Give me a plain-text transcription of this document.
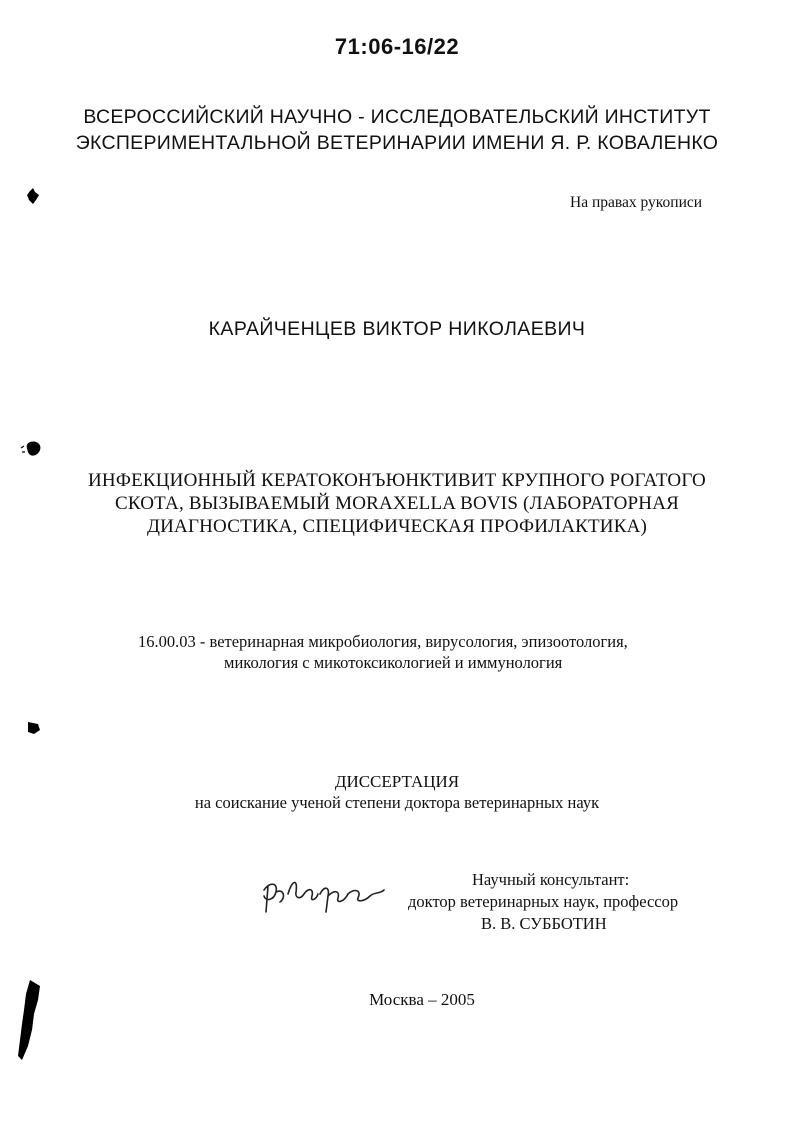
71:06-16/22
ВСЕРОССИЙСКИЙ НАУЧНО - ИССЛЕДОВАТЕЛЬСКИЙ ИНСТИТУТ
ЭКСПЕРИМЕНТАЛЬНОЙ ВЕТЕРИНАРИИ ИМЕНИ Я. Р. КОВАЛЕНКО
На правах рукописи
КАРАЙЧЕНЦЕВ ВИКТОР НИКОЛАЕВИЧ
ИНФЕКЦИОННЫЙ КЕРАТОКОНЪЮНКТИВИТ КРУПНОГО РОГАТОГО
СКОТА, ВЫЗЫВАЕМЫЙ MORAXELLA BOVIS (ЛАБОРАТОРНАЯ
ДИАГНОСТИКА, СПЕЦИФИЧЕСКАЯ ПРОФИЛАКТИКА)
16.00.03 - ветеринарная микробиология, вирусология, эпизоотология,
микология с микотоксикологией и иммунология
ДИССЕРТАЦИЯ
на соискание ученой степени доктора ветеринарных наук
Научный консультант:
доктор ветеринарных наук, профессор
В. В. СУББОТИН
Москва – 2005
